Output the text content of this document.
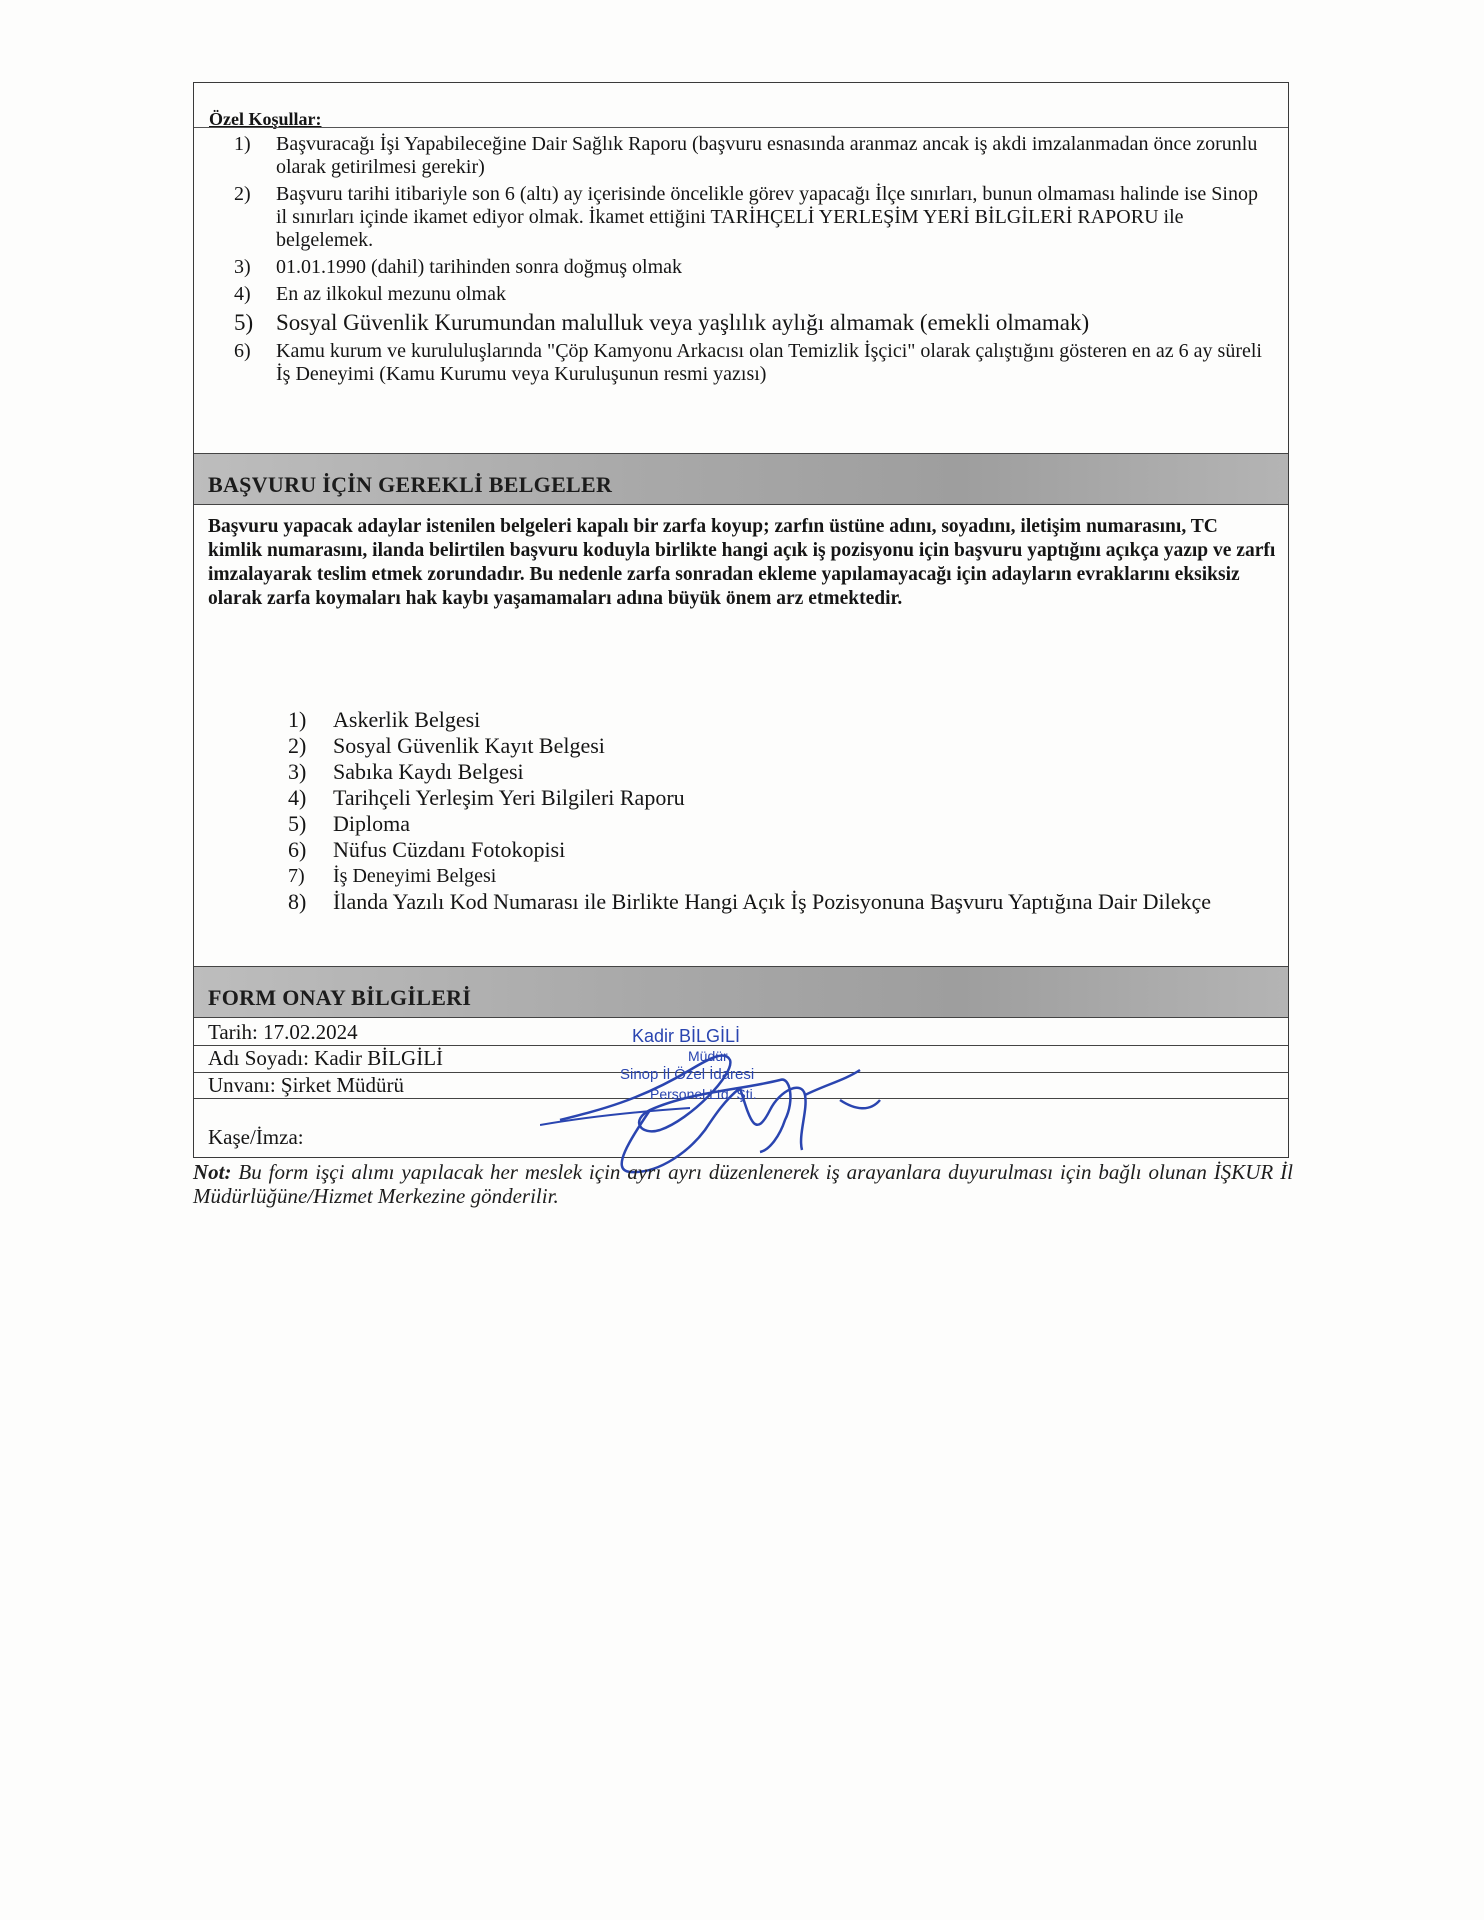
Özel Koşullar:
1)	Başvuracağı İşi Yapabileceğine Dair Sağlık Raporu (başvuru esnasında aranmaz ancak iş akdi imzalanmadan önce zorunlu olarak getirilmesi gerekir)
2)	Başvuru tarihi itibariyle son 6 (altı) ay içerisinde öncelikle görev yapacağı İlçe sınırları, bunun olmaması halinde ise Sinop il sınırları içinde ikamet ediyor olmak. İkamet ettiğini TARİHÇELİ YERLEŞİM YERİ BİLGİLERİ RAPORU ile belgelemek.
3)	01.01.1990 (dahil) tarihinden sonra doğmuş olmak
4)	En az ilkokul mezunu olmak
5) Sosyal Güvenlik Kurumundan malulluk veya yaşlılık aylığı almamak (emekli olmamak)
6)	Kamu kurum ve kurululuşlarında "Çöp Kamyonu Arkacısı olan Temizlik İşçici" olarak çalıştığını gösteren en az 6 ay süreli İş Deneyimi (Kamu Kurumu veya Kuruluşunun resmi yazısı)
BAŞVURU İÇİN GEREKLİ BELGELER
Başvuru yapacak adaylar istenilen belgeleri kapalı bir zarfa koyup; zarfın üstüne adını, soyadını, iletişim numarasını, TC kimlik numarasını, ilanda belirtilen başvuru koduyla birlikte hangi açık iş pozisyonu için başvuru yaptığını açıkça yazıp ve zarfı imzalayarak teslim etmek zorundadır. Bu nedenle zarfa sonradan ekleme yapılamayacağı için adayların evraklarını eksiksiz olarak zarfa koymaları hak kaybı yaşamamaları adına büyük önem arz etmektedir.
1)	Askerlik Belgesi
2)	Sosyal Güvenlik Kayıt Belgesi
3)	Sabıka Kaydı Belgesi
4)	Tarihçeli Yerleşim Yeri Bilgileri Raporu
5)	Diploma
6)	Nüfus Cüzdanı Fotokopisi
7)	İş Deneyimi Belgesi
8)	İlanda Yazılı Kod Numarası ile Birlikte Hangi Açık İş Pozisyonuna Başvuru Yaptığına Dair Dilekçe
FORM ONAY BİLGİLERİ
Tarih: 17.02.2024
Adı Soyadı: Kadir BİLGİLİ
Unvanı: Şirket Müdürü
Kaşe/İmza:
Kadir BİLGİLİ
Müdür
Sinop İl Özel İdaresi
Personel Ltd. Şti.
Not: Bu form işçi alımı yapılacak her meslek için ayrı ayrı düzenlenerek iş arayanlara duyurulması için bağlı olunan İŞKUR İl Müdürlüğüne/Hizmet Merkezine gönderilir.
